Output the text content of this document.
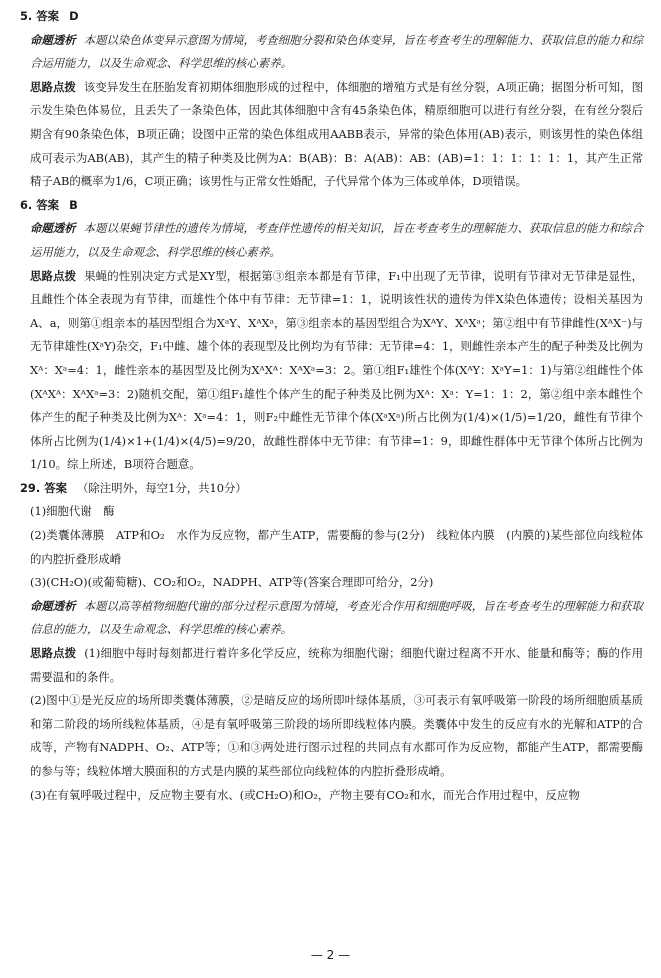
5. 答案 D

命题透析 本题以染色体变异示意图为情境，考查细胞分裂和染色体变异，旨在考查考生的理解能力、获取信息的能力和综合运用能力，以及生命观念、科学思维的核心素养。

思路点拨 该变异发生在胚胎发育初期体细胞形成的过程中，体细胞的增殖方式是有丝分裂，A项正确；据图分析可知，图示发生染色体易位，且丢失了一条染色体，因此其体细胞中含有45条染色体，精原细胞可以进行有丝分裂，在有丝分裂后期含有90条染色体，B项正确；设图中正常的染色体组成用AABB表示，异常的染色体用(AB)表示，则该男性的染色体组成可表示为AB(AB)，其产生的精子种类及比例为A：B(AB)：B：A(AB)：AB：(AB)=1：1：1：1：1：1，其产生正常精子AB的概率为1/6，C项正确；该男性与正常女性婚配，子代异常个体为三体或单体，D项错误。

6. 答案 B

命题透析 本题以果蝇节律性的遗传为情境，考查伴性遗传的相关知识，旨在考查考生的理解能力、获取信息的能力和综合运用能力，以及生命观念、科学思维的核心素养。

思路点拨 果蝇的性别决定方式是XY型，根据第③组亲本都是有节律，F₁中出现了无节律，说明有节律对无节律是显性，且雌性个体全表现为有节律，而雄性个体中有节律：无节律=1：1，说明该性状的遗传为伴X染色体遗传；设相关基因为A、a，则第①组亲本的基因型组合为XᵃY、XᴬXᵃ，第③组亲本的基因型组合为XᴬY、XᴬXᵃ；第②组中有节律雌性(XᴬX⁻)与无节律雄性(XᵃY)杂交，F₁中雌、雄个体的表现型及比例均为有节律：无节律=4：1，则雌性亲本产生的配子种类及比例为Xᴬ：Xᵃ=4：1，雌性亲本的基因型及比例为XᴬXᴬ：XᴬXᵃ=3：2。第①组F₁雄性个体(XᴬY：XᵃY=1：1)与第②组雌性个体(XᴬXᴬ：XᴬXᵃ=3：2)随机交配，第①组F₁雄性个体产生的配子种类及比例为Xᴬ：Xᵃ：Y=1：1：2，第②组中亲本雌性个体产生的配子种类及比例为Xᴬ：Xᵃ=4：1，则F₂中雌性无节律个体(XᵃXᵃ)所占比例为(1/4)×(1/5)=1/20，雌性有节律个体所占比例为(1/4)×1+(1/4)×(4/5)=9/20，故雌性群体中无节律：有节律=1：9，即雌性群体中无节律个体所占比例为1/10。综上所述，B项符合题意。

29. 答案 （除注明外，每空1分，共10分）

(1)细胞代谢　酶

(2)类囊体薄膜　ATP和O₂　水作为反应物，都产生ATP，需要酶的参与(2分)　线粒体内膜　(内膜的)某些部位向线粒体的内腔折叠形成嵴

(3)(CH₂O)(或葡萄糖)、CO₂和O₂，NADPH、ATP等(答案合理即可给分，2分)

命题透析 本题以高等植物细胞代谢的部分过程示意图为情境，考查光合作用和细胞呼吸，旨在考查考生的理解能力和获取信息的能力，以及生命观念、科学思维的核心素养。

思路点拨 (1)细胞中每时每刻都进行着许多化学反应，统称为细胞代谢；细胞代谢过程离不开水、能量和酶等；酶的作用需要温和的条件。

(2)图中①是光反应的场所即类囊体薄膜，②是暗反应的场所即叶绿体基质，③可表示有氧呼吸第一阶段的场所细胞质基质和第二阶段的场所线粒体基质，④是有氧呼吸第三阶段的场所即线粒体内膜。类囊体中发生的反应有水的光解和ATP的合成等，产物有NADPH、O₂、ATP等；①和③两处进行图示过程的共同点有水都可作为反应物，都能产生ATP，都需要酶的参与等；线粒体增大膜面积的方式是内膜的某些部位向线粒体的内腔折叠形成嵴。

(3)在有氧呼吸过程中，反应物主要有水、(或CH₂O)和O₂，产物主要有CO₂和水，而光合作用过程中，反应物

— 2 —
